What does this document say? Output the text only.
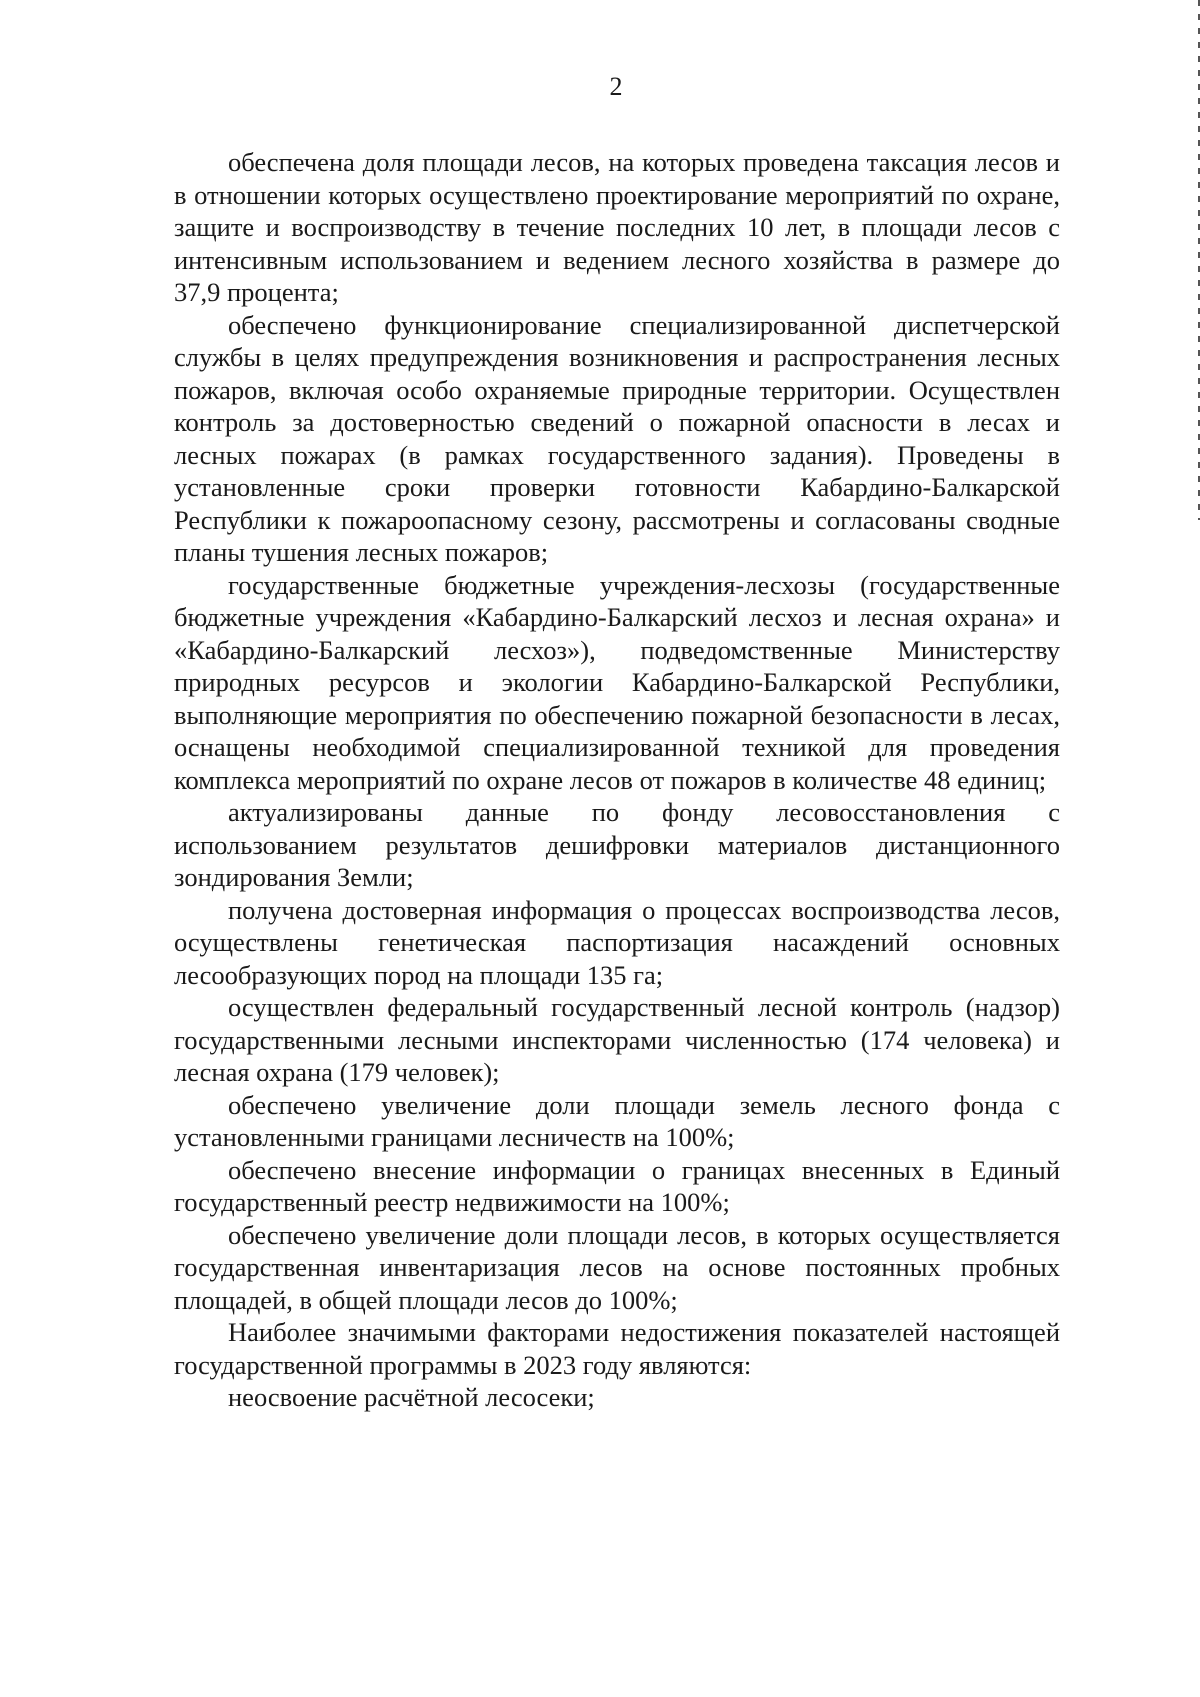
2

обеспечена доля площади лесов, на которых проведена таксация лесов и в отношении которых осуществлено проектирование мероприятий по охране, защите и воспроизводству в течение последних 10 лет, в площади лесов с интенсивным использованием и ведением лесного хозяйства в размере до 37,9 процента;

обеспечено функционирование специализированной диспетчерской службы в целях предупреждения возникновения и распространения лесных пожаров, включая особо охраняемые природные территории. Осуществлен контроль за достоверностью сведений о пожарной опасности в лесах и лесных пожарах (в рамках государственного задания). Проведены в установленные сроки проверки готовности Кабардино-Балкарской Республики к пожароопасному сезону, рассмотрены и согласованы сводные планы тушения лесных пожаров;

государственные бюджетные учреждения-лесхозы (государственные бюджетные учреждения «Кабардино-Балкарский лесхоз и лесная охрана» и «Кабардино-Балкарский лесхоз»), подведомственные Министерству природных ресурсов и экологии Кабардино-Балкарской Республики, выполняющие мероприятия по обеспечению пожарной безопасности в лесах, оснащены необходимой специализированной техникой для проведения комплекса мероприятий по охране лесов от пожаров в количестве 48 единиц;

актуализированы данные по фонду лесовосстановления с использованием результатов дешифровки материалов дистанционного зондирования Земли;

получена достоверная информация о процессах воспроизводства лесов, осуществлены генетическая паспортизация насаждений основных лесообразующих пород на площади 135 га;

осуществлен федеральный государственный лесной контроль (надзор) государственными лесными инспекторами численностью (174 человека) и лесная охрана (179 человек);

обеспечено увеличение доли площади земель лесного фонда с установленными границами лесничеств на 100%;

обеспечено внесение информации о границах внесенных в Единый государственный реестр недвижимости на 100%;

обеспечено увеличение доли площади лесов, в которых осуществляется государственная инвентаризация лесов на основе постоянных пробных площадей, в общей площади лесов до 100%;

Наиболее значимыми факторами недостижения показателей настоящей государственной программы в 2023 году являются:

неосвоение расчётной лесосеки;
